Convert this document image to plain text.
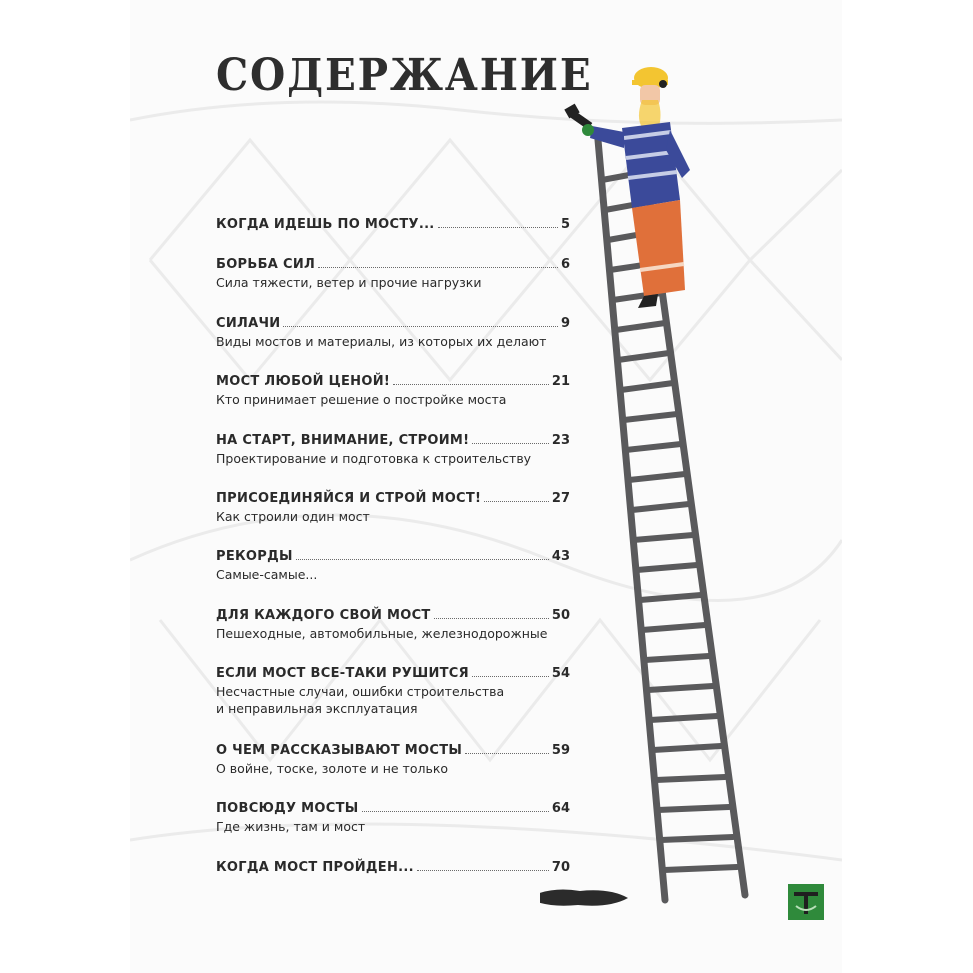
СОДЕРЖАНИЕ
КОГДА ИДЕШЬ ПО МОСТУ...	5
БОРЬБА СИЛ	6
Сила тяжести, ветер и прочие нагрузки
СИЛАЧИ	9
Виды мостов и материалы, из которых их делают
МОСТ ЛЮБОЙ ЦЕНОЙ!	21
Кто принимает решение о постройке моста
НА СТАРТ, ВНИМАНИЕ, СТРОИМ!	23
Проектирование и подготовка к строительству
ПРИСОЕДИНЯЙСЯ И СТРОЙ МОСТ!	27
Как строили один мост
РЕКОРДЫ	43
Самые-самые...
ДЛЯ КАЖДОГО СВОЙ МОСТ	50
Пешеходные, автомобильные, железнодорожные
ЕСЛИ МОСТ ВСЕ-ТАКИ РУШИТСЯ	54
Несчастные случаи, ошибки строительства
и неправильная эксплуатация
О ЧЕМ РАССКАЗЫВАЮТ МОСТЫ	59
О войне, тоске, золоте и не только
ПОВСЮДУ МОСТЫ	64
Где жизнь, там и мост
КОГДА МОСТ ПРОЙДЕН...	70
